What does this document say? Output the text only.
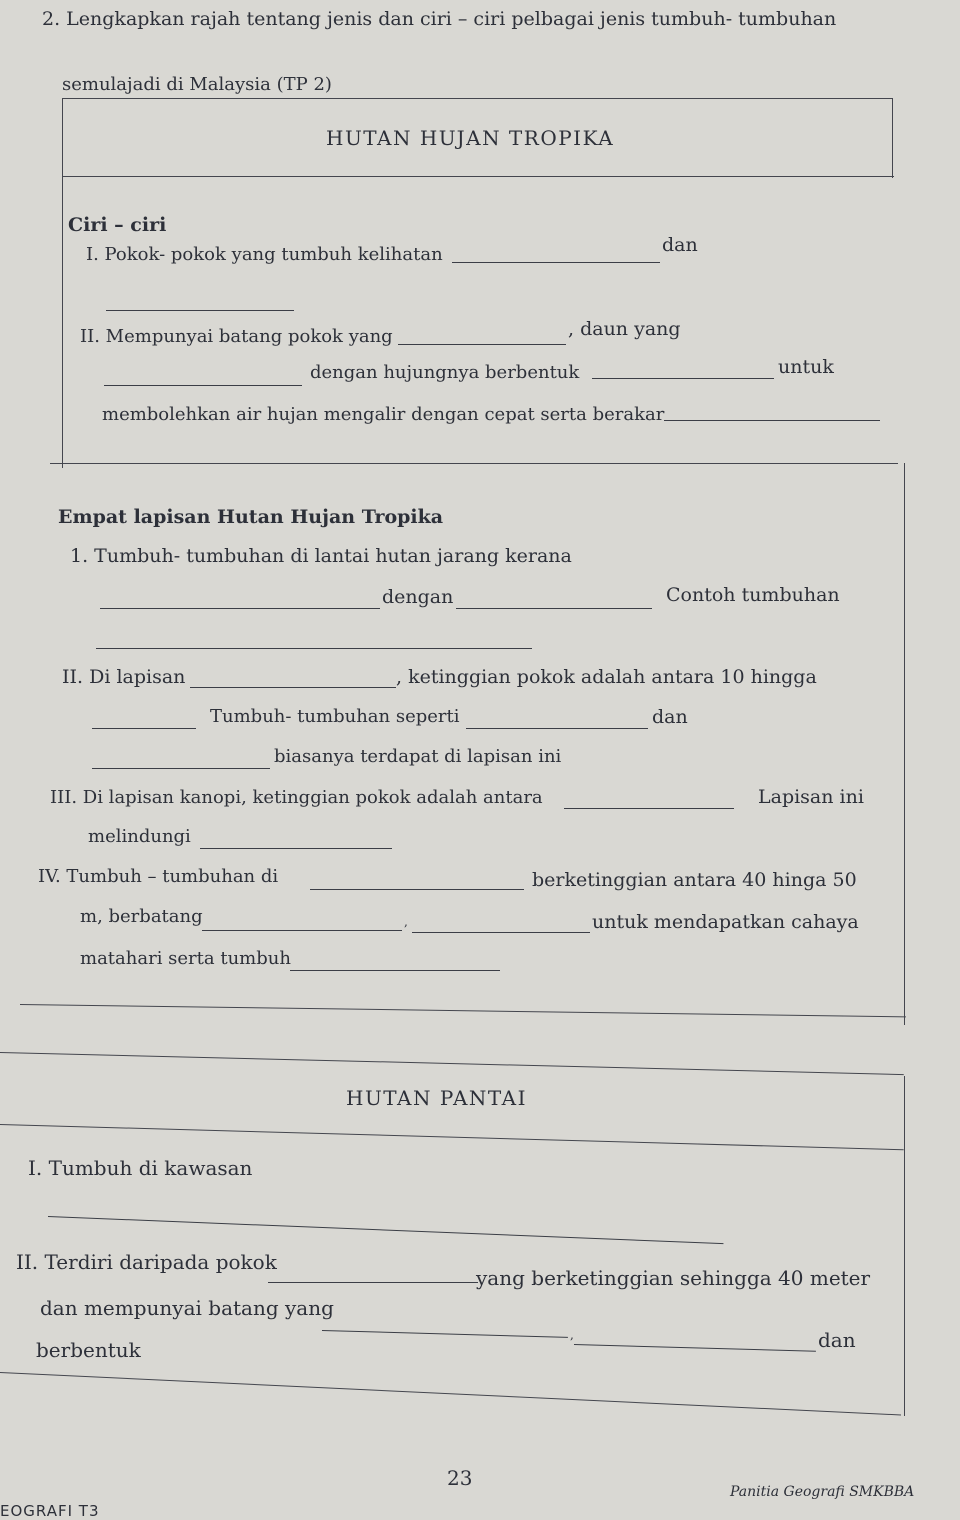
2. Lengkapkan rajah tentang jenis dan ciri – ciri pelbagai jenis tumbuh- tumbuhan
semulajadi di Malaysia (TP 2)
HUTAN HUJAN TROPIKA
Ciri – ciri
I. Pokok- pokok yang tumbuh kelihatan	dan
II. Mempunyai batang pokok yang	, daun yang
dengan hujungnya berbentuk	untuk
membolehkan air hujan mengalir dengan cepat serta berakar
Empat lapisan Hutan Hujan Tropika
1. Tumbuh- tumbuhan di lantai hutan jarang kerana
dengan	Contoh tumbuhan
II. Di lapisan	, ketinggian pokok adalah antara 10 hingga
Tumbuh- tumbuhan seperti	dan
biasanya terdapat di lapisan ini
III. Di lapisan kanopi, ketinggian pokok adalah antara	Lapisan ini
melindungi
IV. Tumbuh – tumbuhan di	berketinggian antara 40 hinga 50
m, berbatang	,	untuk mendapatkan cahaya
matahari serta tumbuh
HUTAN PANTAI
I. Tumbuh di kawasan
II. Terdiri daripada pokok
yang berketinggian sehingga 40 meter
dan mempunyai batang yang
,	dan
berbentuk
23
EOGRAFI T3
Panitia Geografi SMKBBA
